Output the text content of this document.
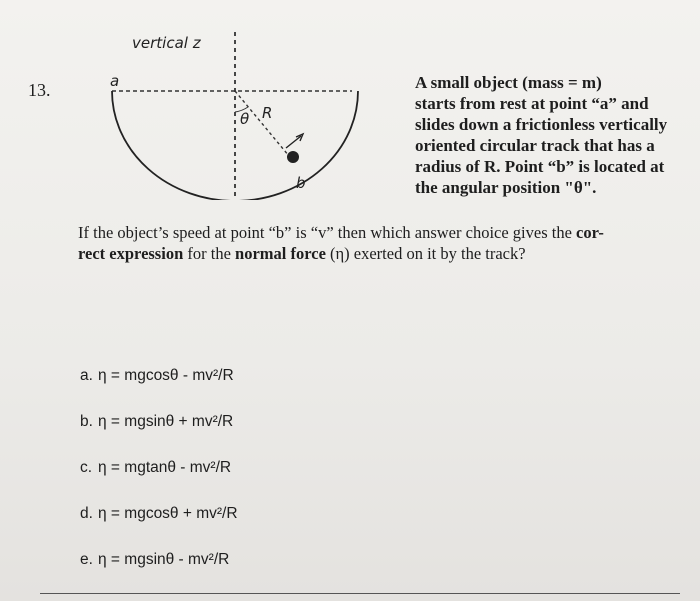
13.
vertical z
a
b
θ R
A small object (mass = m)
starts from rest at point “a” and
slides down a frictionless vertically
oriented circular track that has a
radius of R. Point “b” is located at
the angular position "θ".
If the object’s speed at point “b” is “v” then which answer choice gives the cor-
rect expression for the normal force (η) exerted on it by the track?
a. η = mgcosθ - mv²/R
b. η = mgsinθ + mv²/R
c. η = mgtanθ - mv²/R
d. η = mgcosθ + mv²/R
e. η = mgsinθ - mv²/R
